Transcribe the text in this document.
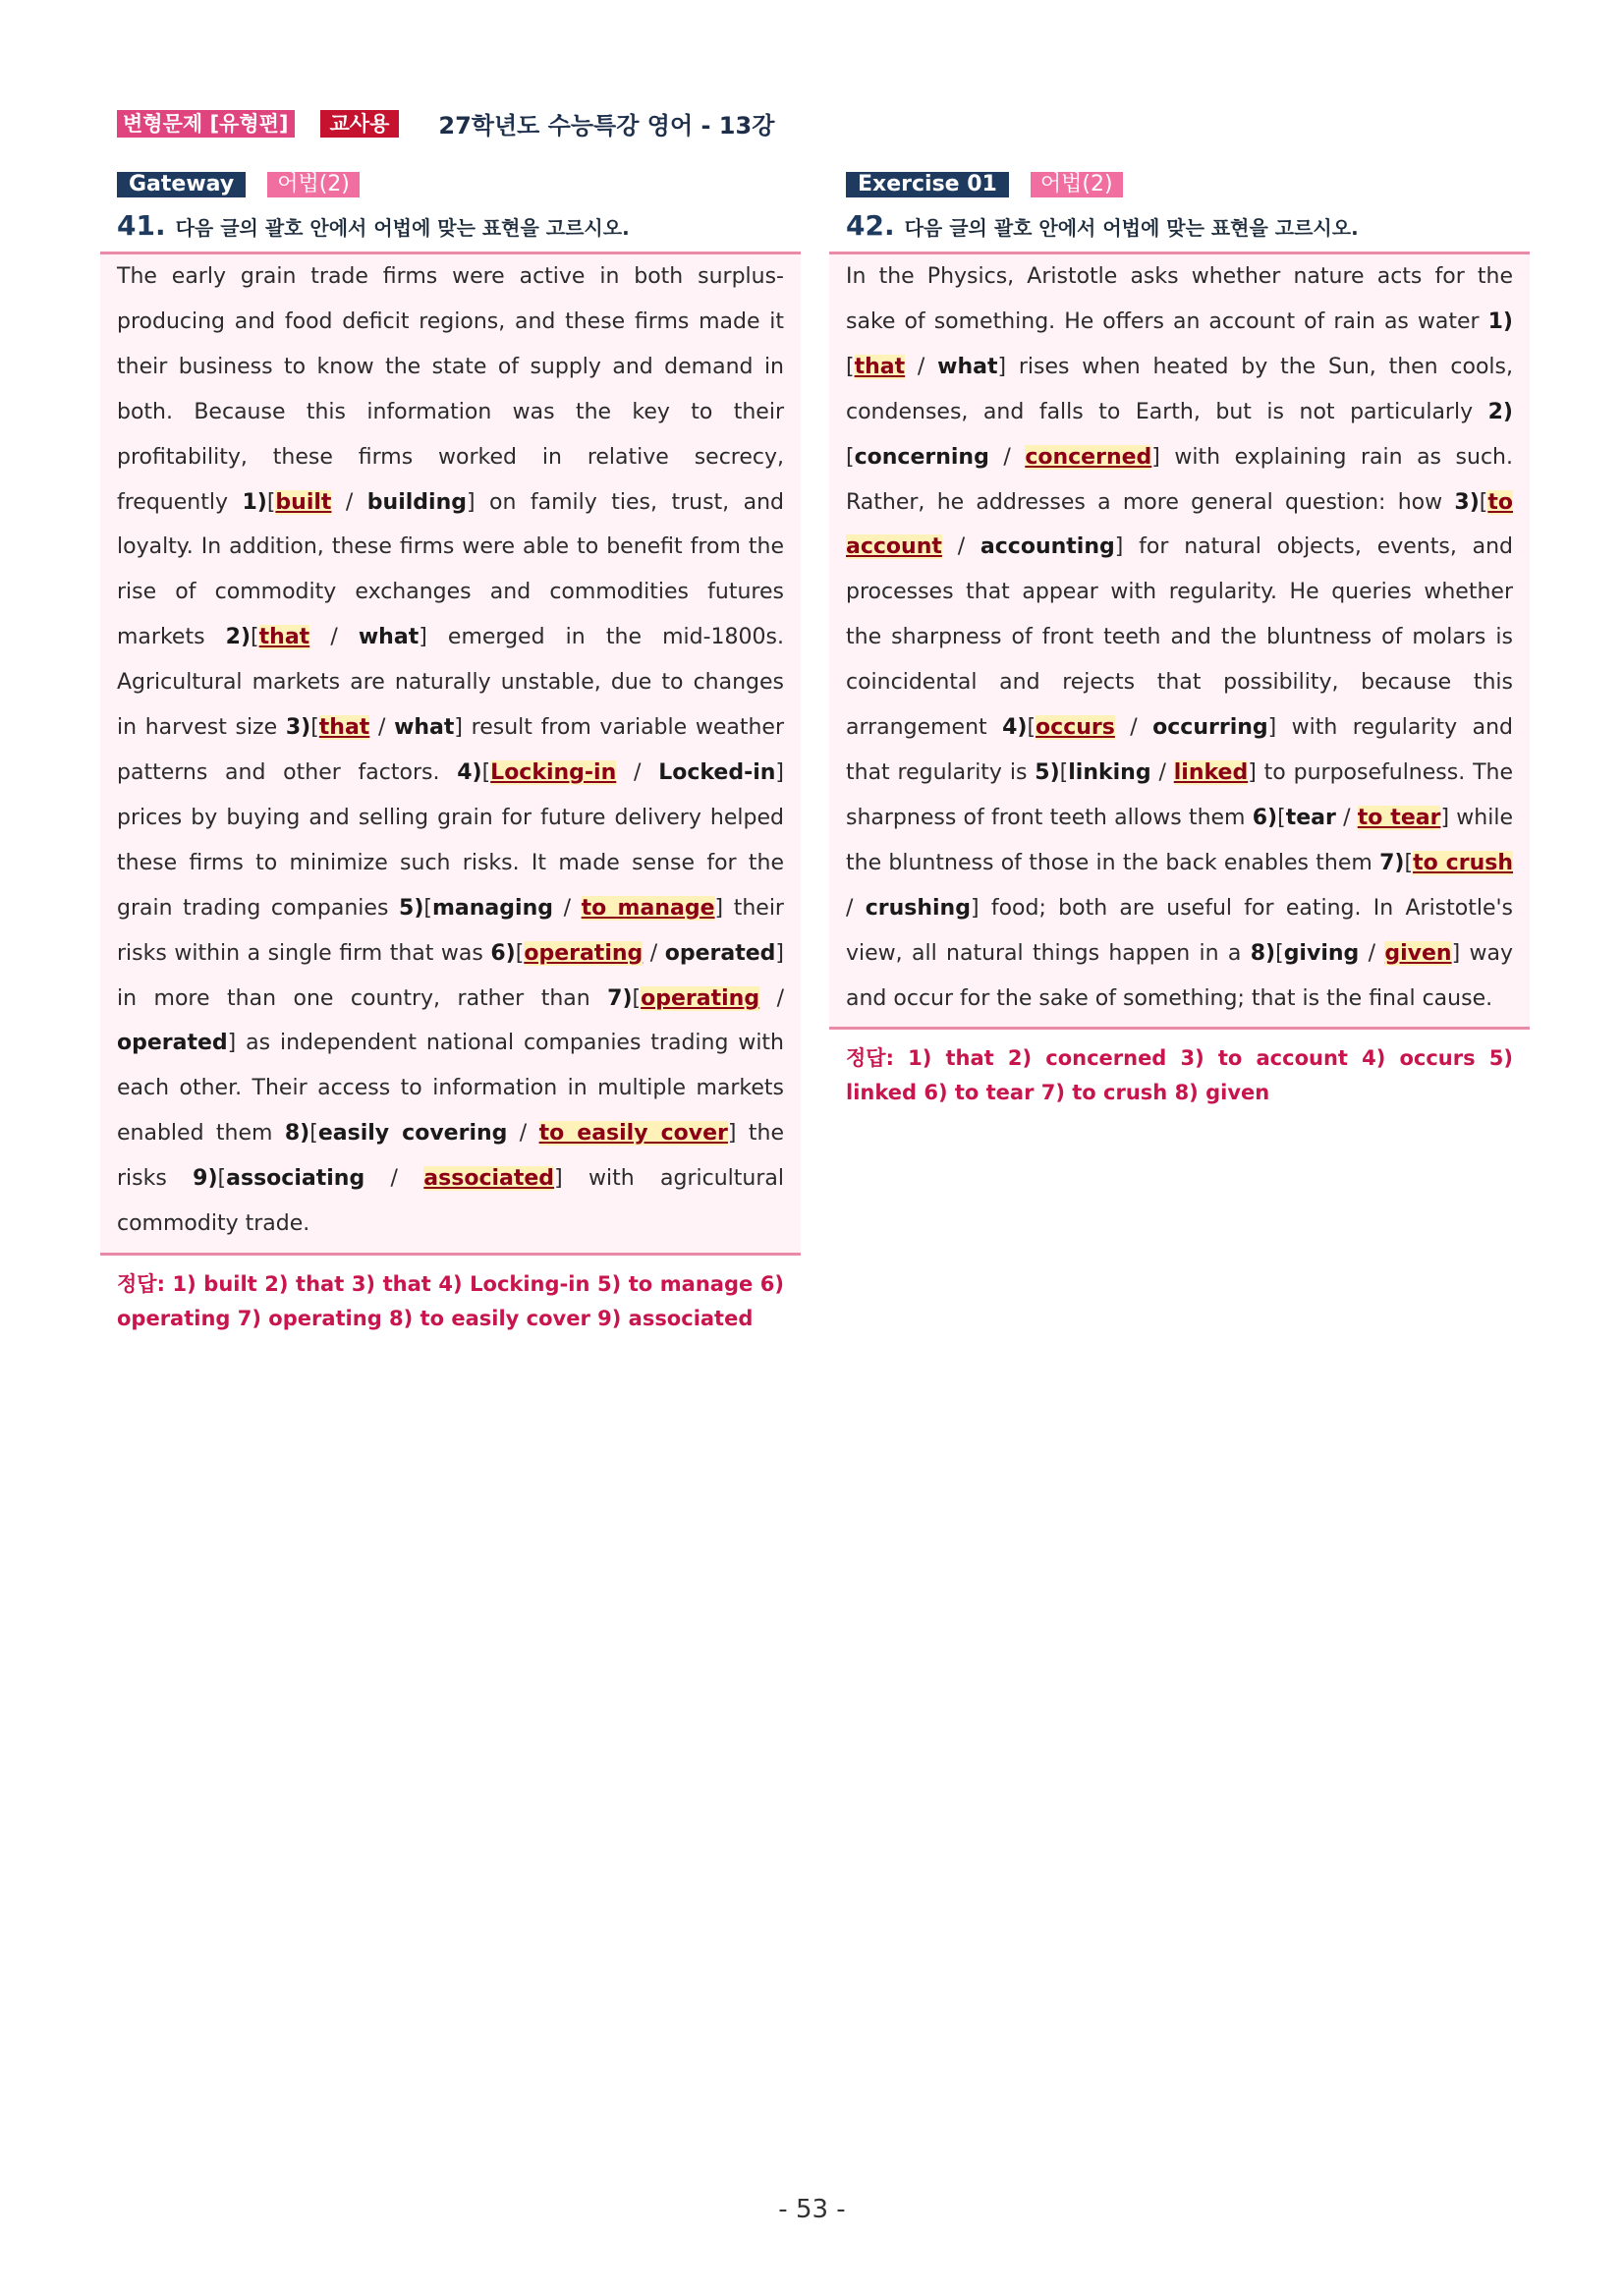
변형문제 [유형편]	교사용	27학년도 수능특강 영어 - 13강
Gateway	어법(2)
41. 다음 글의 괄호 안에서 어법에 맞는 표현을 고르시오.

The early grain trade firms were active in both surplus-producing and food deficit regions, and these firms made it their business to know the state of supply and demand in both. Because this information was the key to their profitability, these firms worked in relative secrecy, frequently 1)[built / building] on family ties, trust, and loyalty. In addition, these firms were able to benefit from the rise of commodity exchanges and commodities futures markets 2)[that / what] emerged in the mid-1800s. Agricultural markets are naturally unstable, due to changes in harvest size 3)[that / what] result from variable weather patterns and other factors. 4)[Locking-in / Locked-in] prices by buying and selling grain for future delivery helped these firms to minimize such risks. It made sense for the grain trading companies 5)[managing / to manage] their risks within a single firm that was 6)[operating / operated] in more than one country, rather than 7)[operating / operated] as independent national companies trading with each other. Their access to information in multiple markets enabled them 8)[easily covering / to easily cover] the risks 9)[associating / associated] with agricultural commodity trade.

정답: 1) built 2) that 3) that 4) Locking-in 5) to manage 6) operating 7) operating 8) to easily cover 9) associated
Exercise 01	어법(2)
42. 다음 글의 괄호 안에서 어법에 맞는 표현을 고르시오.

In the Physics, Aristotle asks whether nature acts for the sake of something. He offers an account of rain as water 1)[that / what] rises when heated by the Sun, then cools, condenses, and falls to Earth, but is not particularly 2)[concerning / concerned] with explaining rain as such. Rather, he addresses a more general question: how 3)[to account / accounting] for natural objects, events, and processes that appear with regularity. He queries whether the sharpness of front teeth and the bluntness of molars is coincidental and rejects that possibility, because this arrangement 4)[occurs / occurring] with regularity and that regularity is 5)[linking / linked] to purposefulness. The sharpness of front teeth allows them 6)[tear / to tear] while the bluntness of those in the back enables them 7)[to crush / crushing] food; both are useful for eating. In Aristotle's view, all natural things happen in a 8)[giving / given] way and occur for the sake of something; that is the final cause.

정답: 1) that 2) concerned 3) to account 4) occurs 5) linked 6) to tear 7) to crush 8) given
- 53 -
